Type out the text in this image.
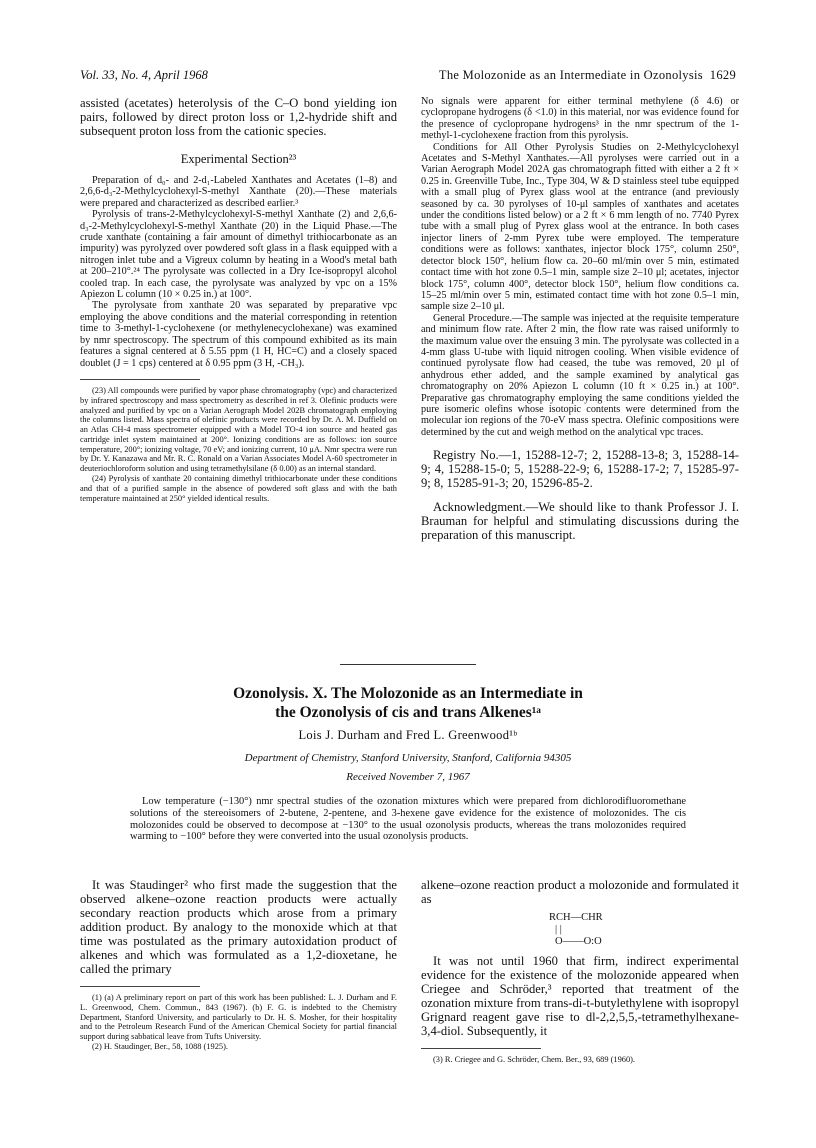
Vol. 33, No. 4, April 1968	The Molozonide as an Intermediate in Ozonolysis 1629

assisted (acetates) heterolysis of the C–O bond yielding ion pairs, followed by direct proton loss or 1,2-hydride shift and subsequent proton loss from the cationic species.

Experimental Section²³

Preparation of d₀- and 2-d₁-Labeled Xanthates and Acetates (1–8) and 2,6,6-d₃-2-Methylcyclohexyl-S-methyl Xanthate (20).—These materials were prepared and characterized as described earlier.³

Pyrolysis of trans-2-Methylcyclohexyl-S-methyl Xanthate (2) and 2,6,6-d₃-2-Methylcyclohexyl-S-methyl Xanthate (20) in the Liquid Phase.—The crude xanthate (containing a fair amount of dimethyl trithiocarbonate as an impurity) was pyrolyzed over powdered soft glass in a flask equipped with a nitrogen inlet tube and a Vigreux column by heating in a Wood's metal bath at 200–210°.²⁴ The pyrolysate was collected in a Dry Ice-isopropyl alcohol cooled trap. In each case, the pyrolysate was analyzed by vpc on a 15% Apiezon L column (10 × 0.25 in.) at 100°.

The pyrolysate from xanthate 20 was separated by preparative vpc employing the above conditions and the material corresponding in retention time to 3-methyl-1-cyclohexene (or methylenecyclohexane) was examined by nmr spectroscopy. The spectrum of this compound exhibited as its main features a signal centered at δ 5.55 ppm (1 H, HC=C) and a closely spaced doublet (J = 1 cps) centered at δ 0.95 ppm (3 H, -CH₃).

(23) All compounds were purified by vapor phase chromatography (vpc) and characterized by infrared spectroscopy and mass spectrometry as described in ref 3. Olefinic products were analyzed and purified by vpc on a Varian Aerograph Model 202B chromatograph employing the columns listed. Mass spectra of olefinic products were recorded by Dr. A. M. Duffield on an Atlas CH-4 mass spectrometer equipped with a Model TO-4 ion source and heated gas cartridge inlet system maintained at 200°. Ionizing conditions are as follows: ion source temperature, 200°; ionizing voltage, 70 eV; and ionizing current, 10 μA. Nmr spectra were run by Dr. Y. Kanazawa and Mr. R. C. Ronald on a Varian Associates Model A-60 spectrometer in deuteriochloroform solution and using tetramethylsilane (δ 0.00) as an internal standard.

(24) Pyrolysis of xanthate 20 containing dimethyl trithiocarbonate under these conditions and that of a purified sample in the absence of powdered soft glass and with the bath temperature maintained at 250° yielded identical results.

No signals were apparent for either terminal methylene (δ 4.6) or cyclopropane hydrogens (δ <1.0) in this material, nor was evidence found for the presence of cyclopropane hydrogens³ in the nmr spectrum of the 1-methyl-1-cyclohexene fraction from this pyrolysis.

Conditions for All Other Pyrolysis Studies on 2-Methylcyclohexyl Acetates and S-Methyl Xanthates.—All pyrolyses were carried out in a Varian Aerograph Model 202A gas chromatograph fitted with either a 2 ft × 0.25 in. Greenville Tube, Inc., Type 304, W & D stainless steel tube equipped with a small plug of Pyrex glass wool at the entrance (and previously seasoned by ca. 30 pyrolyses of 10-μl samples of xanthates and acetates under the conditions listed below) or a 2 ft × 6 mm length of no. 7740 Pyrex tube with a small plug of Pyrex glass wool at the entrance. In both cases injector liners of 2-mm Pyrex tube were employed. The temperature conditions were as follows: xanthates, injector block 175°, column 250°, detector block 150°, helium flow ca. 20–60 ml/min over 5 min, estimated contact time with hot zone 0.5–1 min, sample size 2–10 μl; acetates, injector block 175°, column 400°, detector block 150°, helium flow conditions ca. 15–25 ml/min over 5 min, estimated contact time with hot zone 0.5–1 min, sample size 2–10 μl.

General Procedure.—The sample was injected at the requisite temperature and minimum flow rate. After 2 min, the flow rate was raised uniformly to the maximum value over the ensuing 3 min. The pyrolysate was collected in a 4-mm glass U-tube with liquid nitrogen cooling. When visible evidence of continued pyrolysate flow had ceased, the tube was removed, 20 μl of anhydrous ether added, and the sample examined by analytical gas chromatography on 20% Apiezon L column (10 ft × 0.25 in.) at 100°. Preparative gas chromatography employing the same conditions yielded the pure isomeric olefins whose isotopic contents were determined from the molecular ion regions of the 70-eV mass spectra. Olefinic compositions were determined by the cut and weigh method on the analytical vpc traces.

Registry No.—1, 15288-12-7; 2, 15288-13-8; 3, 15288-14-9; 4, 15288-15-0; 5, 15288-22-9; 6, 15288-17-2; 7, 15285-97-9; 8, 15285-91-3; 20, 15296-85-2.

Acknowledgment.—We should like to thank Professor J. I. Brauman for helpful and stimulating discussions during the preparation of this manuscript.

Ozonolysis. X. The Molozonide as an Intermediate in
the Ozonolysis of cis and trans Alkenes¹ᵃ
Lois J. Durham and Fred L. Greenwood¹ᵇ
Department of Chemistry, Stanford University, Stanford, California 94305
Received November 7, 1967
Low temperature (−130°) nmr spectral studies of the ozonation mixtures which were prepared from dichlorodifluoromethane solutions of the stereoisomers of 2-butene, 2-pentene, and 3-hexene gave evidence for the existence of molozonides. The cis molozonides could be observed to decompose at −130° to the usual ozonolysis products, whereas the trans molozonides required warming to −100° before they were converted into the usual ozonolysis products.

It was Staudinger² who first made the suggestion that the observed alkene–ozone reaction products were actually secondary reaction products which arose from a primary addition product. By analogy to the monoxide which at that time was postulated as the primary autoxidation product of alkenes and which was formulated as a 1,2-dioxetane, he called the primary

(1) (a) A preliminary report on part of this work has been published: L. J. Durham and F. L. Greenwood, Chem. Commun., 843 (1967). (b) F. G. is indebted to the Chemistry Department, Stanford University, and particularly to Dr. H. S. Mosher, for their hospitality and to the Petroleum Research Fund of the American Chemical Society for partial financial support during sabbatical leave from Tufts University.

(2) H. Staudinger, Ber., 58, 1088 (1925).

alkene–ozone reaction product a molozonide and formulated it as

RCH—CHR
| |
O——O:O

It was not until 1960 that firm, indirect experimental evidence for the existence of the molozonide appeared when Criegee and Schröder,³ reported that treatment of the ozonation mixture from trans-di-t-butylethylene with isopropyl Grignard reagent gave rise to dl-2,2,5,5,-tetramethylhexane-3,4-diol. Subsequently, it

(3) R. Criegee and G. Schröder, Chem. Ber., 93, 689 (1960).
